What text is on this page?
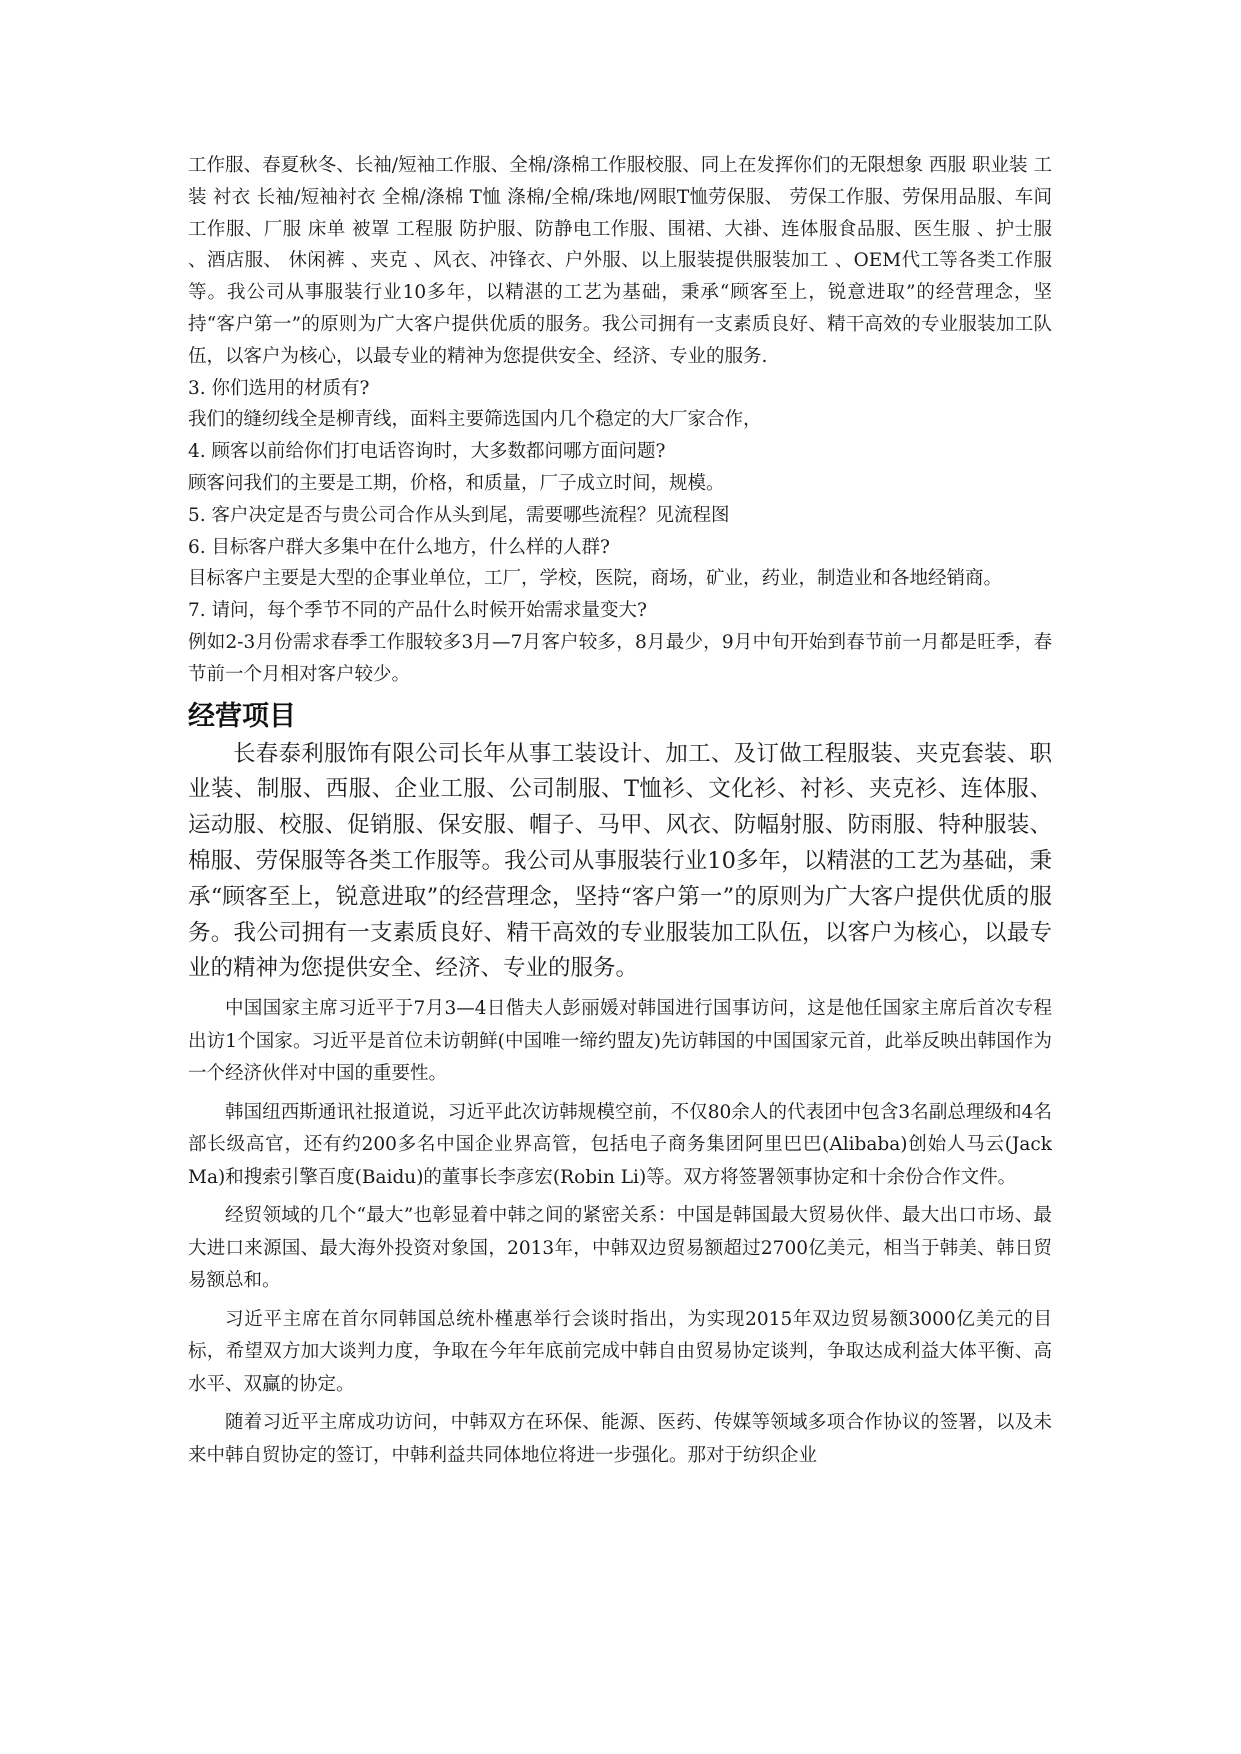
工作服、春夏秋冬、长袖/短袖工作服、全棉/涤棉工作服校服、同上在发挥你们的无限想象 西服 职业装 工装 衬衣 长袖/短袖衬衣 全棉/涤棉 T恤 涤棉/全棉/珠地/网眼T恤劳保服、 劳保工作服、劳保用品服、车间工作服、厂服 床单 被罩 工程服 防护服、防静电工作服、围裙、大褂、连体服食品服、医生服 、护士服 、酒店服、 休闲裤 、夹克 、风衣、冲锋衣、户外服、以上服装提供服装加工 、OEM代工等各类工作服等。我公司从事服装行业10多年，以精湛的工艺为基础，秉承“顾客至上，锐意进取”的经营理念，坚持“客户第一”的原则为广大客户提供优质的服务。我公司拥有一支素质良好、精干高效的专业服装加工队伍，以客户为核心，以最专业的精神为您提供安全、经济、专业的服务.

3. 你们选用的材质有?

我们的缝纫线全是柳青线，面料主要筛选国内几个稳定的大厂家合作，

4. 顾客以前给你们打电话咨询时，大多数都问哪方面问题?

顾客问我们的主要是工期，价格，和质量，厂子成立时间，规模。

5. 客户决定是否与贵公司合作从头到尾，需要哪些流程？见流程图

6. 目标客户群大多集中在什么地方，什么样的人群?

目标客户主要是大型的企事业单位，工厂，学校，医院，商场，矿业，药业，制造业和各地经销商。

7. 请问，每个季节不同的产品什么时候开始需求量变大?

例如2-3月份需求春季工作服较多3月—7月客户较多，8月最少，9月中旬开始到春节前一月都是旺季，春节前一个月相对客户较少。

经营项目

长春泰利服饰有限公司长年从事工装设计、加工、及订做工程服装、夹克套装、职业装、制服、西服、企业工服、公司制服、T恤衫、文化衫、衬衫、夹克衫、连体服、运动服、校服、促销服、保安服、帽子、马甲、风衣、防幅射服、防雨服、特种服装、棉服、劳保服等各类工作服等。我公司从事服装行业10多年，以精湛的工艺为基础，秉承“顾客至上，锐意进取”的经营理念，坚持“客户第一”的原则为广大客户提供优质的服务。我公司拥有一支素质良好、精干高效的专业服装加工队伍，以客户为核心，以最专业的精神为您提供安全、经济、专业的服务。

中国国家主席习近平于7月3—4日偕夫人彭丽媛对韩国进行国事访问，这是他任国家主席后首次专程出访1个国家。习近平是首位未访朝鲜(中国唯一缔约盟友)先访韩国的中国国家元首，此举反映出韩国作为一个经济伙伴对中国的重要性。

韩国纽西斯通讯社报道说，习近平此次访韩规模空前，不仅80余人的代表团中包含3名副总理级和4名部长级高官，还有约200多名中国企业界高管，包括电子商务集团阿里巴巴(Alibaba)创始人马云(Jack Ma)和搜索引擎百度(Baidu)的董事长李彦宏(Robin Li)等。双方将签署领事协定和十余份合作文件。

经贸领域的几个“最大”也彰显着中韩之间的紧密关系：中国是韩国最大贸易伙伴、最大出口市场、最大进口来源国、最大海外投资对象国，2013年，中韩双边贸易额超过2700亿美元，相当于韩美、韩日贸易额总和。

习近平主席在首尔同韩国总统朴槿惠举行会谈时指出，为实现2015年双边贸易额3000亿美元的目标，希望双方加大谈判力度，争取在今年年底前完成中韩自由贸易协定谈判，争取达成利益大体平衡、高水平、双赢的协定。

随着习近平主席成功访问，中韩双方在环保、能源、医药、传媒等领域多项合作协议的签署，以及未来中韩自贸协定的签订，中韩利益共同体地位将进一步强化。那对于纺织企业
